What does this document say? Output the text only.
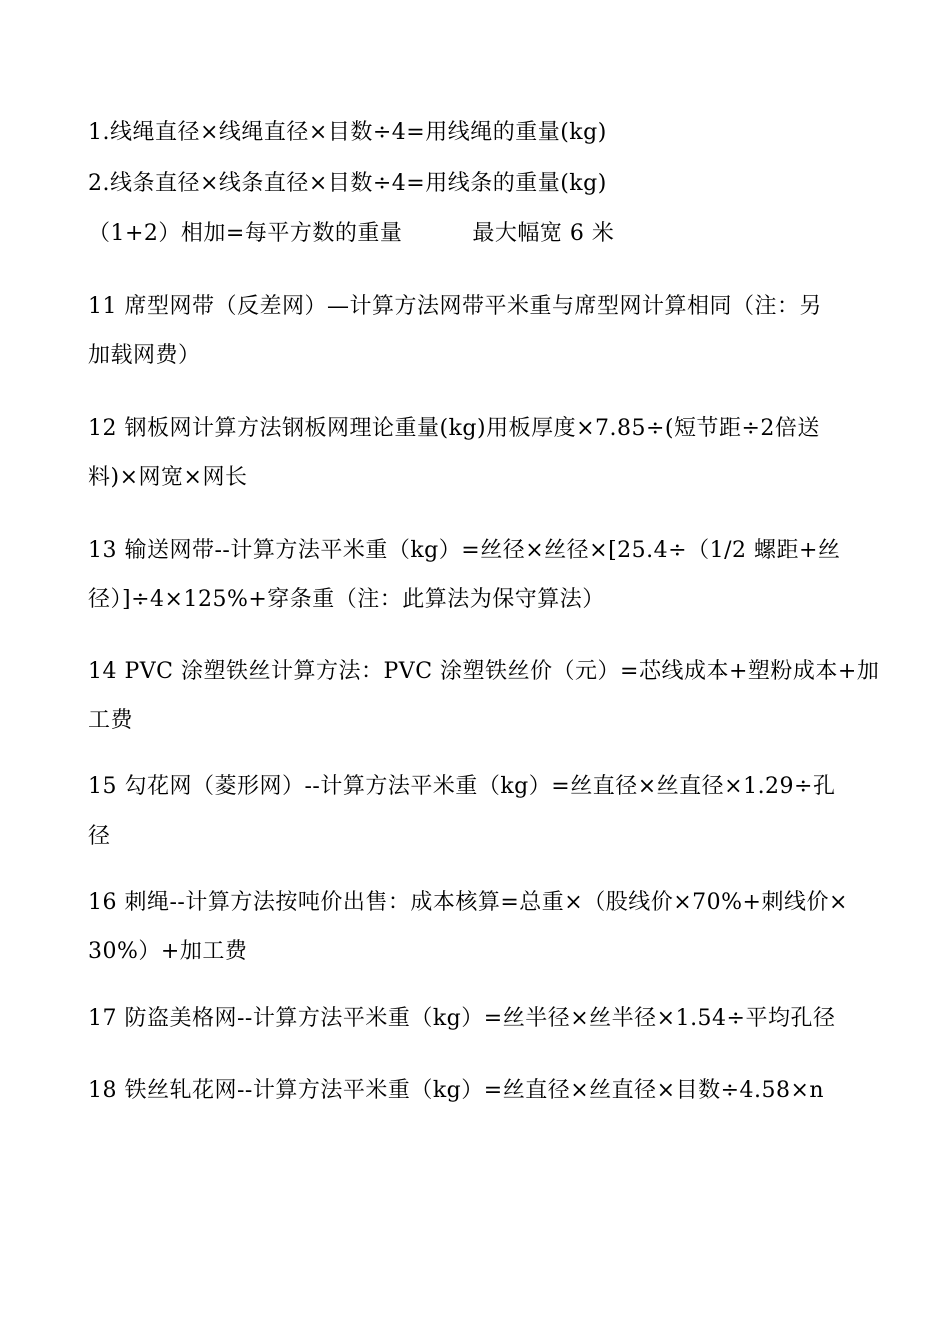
1.线绳直径×线绳直径×目数÷4=用线绳的重量(kg)
2.线条直径×线条直径×目数÷4=用线条的重量(kg)
（1+2）相加=每平方数的重量	最大幅宽 6 米
11 席型网带（反差网）—计算方法网带平米重与席型网计算相同（注：另
加载网费）
12 钢板网计算方法钢板网理论重量(kg)用板厚度×7.85÷(短节距÷2倍送
料)×网宽×网长
13 输送网带--计算方法平米重（kg）=丝径×丝径×[25.4÷（1/2 螺距+丝
径）]÷4×125%+穿条重（注：此算法为保守算法）
14 PVC 涂塑铁丝计算方法：PVC 涂塑铁丝价（元）=芯线成本+塑粉成本+加
工费
15 勾花网（菱形网）--计算方法平米重（kg）=丝直径×丝直径×1.29÷孔
径
16 刺绳--计算方法按吨价出售：成本核算=总重×（股线价×70%+刺线价×
30%）+加工费
17 防盗美格网--计算方法平米重（kg）=丝半径×丝半径×1.54÷平均孔径
18 铁丝轧花网--计算方法平米重（kg）=丝直径×丝直径×目数÷4.58×n
